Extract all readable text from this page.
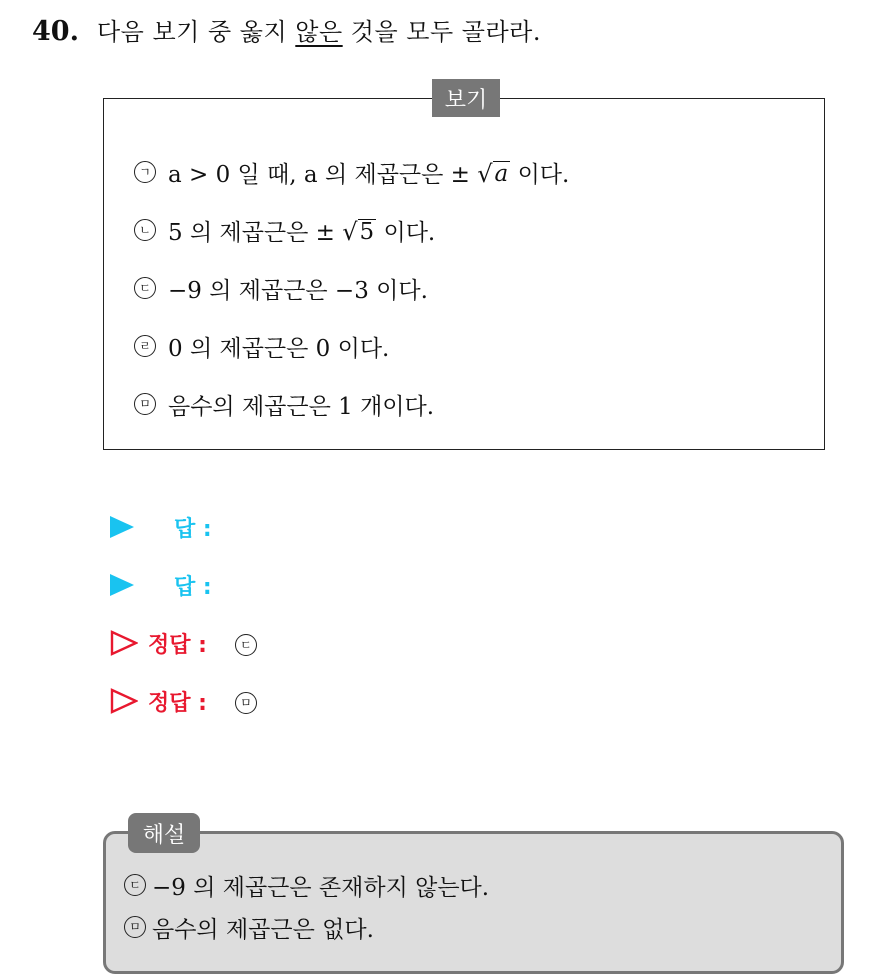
40. 다음 보기 중 옳지 않은 것을 모두 골라라.
보기
ㄱ a > 0 일 때, a 의 제곱근은 ± √ a 이다.
ㄴ 5 의 제곱근은 ± √ 5 이다.
ㄷ −9 의 제곱근은 −3 이다.
ㄹ 0 의 제곱근은 0 이다.
ㅁ 음수의 제곱근은 1 개이다.
답 :
답 :
정답 :	ㄷ
정답 :	ㅁ
해설
ㄷ −9 의 제곱근은 존재하지 않는다.
ㅁ 음수의 제곱근은 없다.
